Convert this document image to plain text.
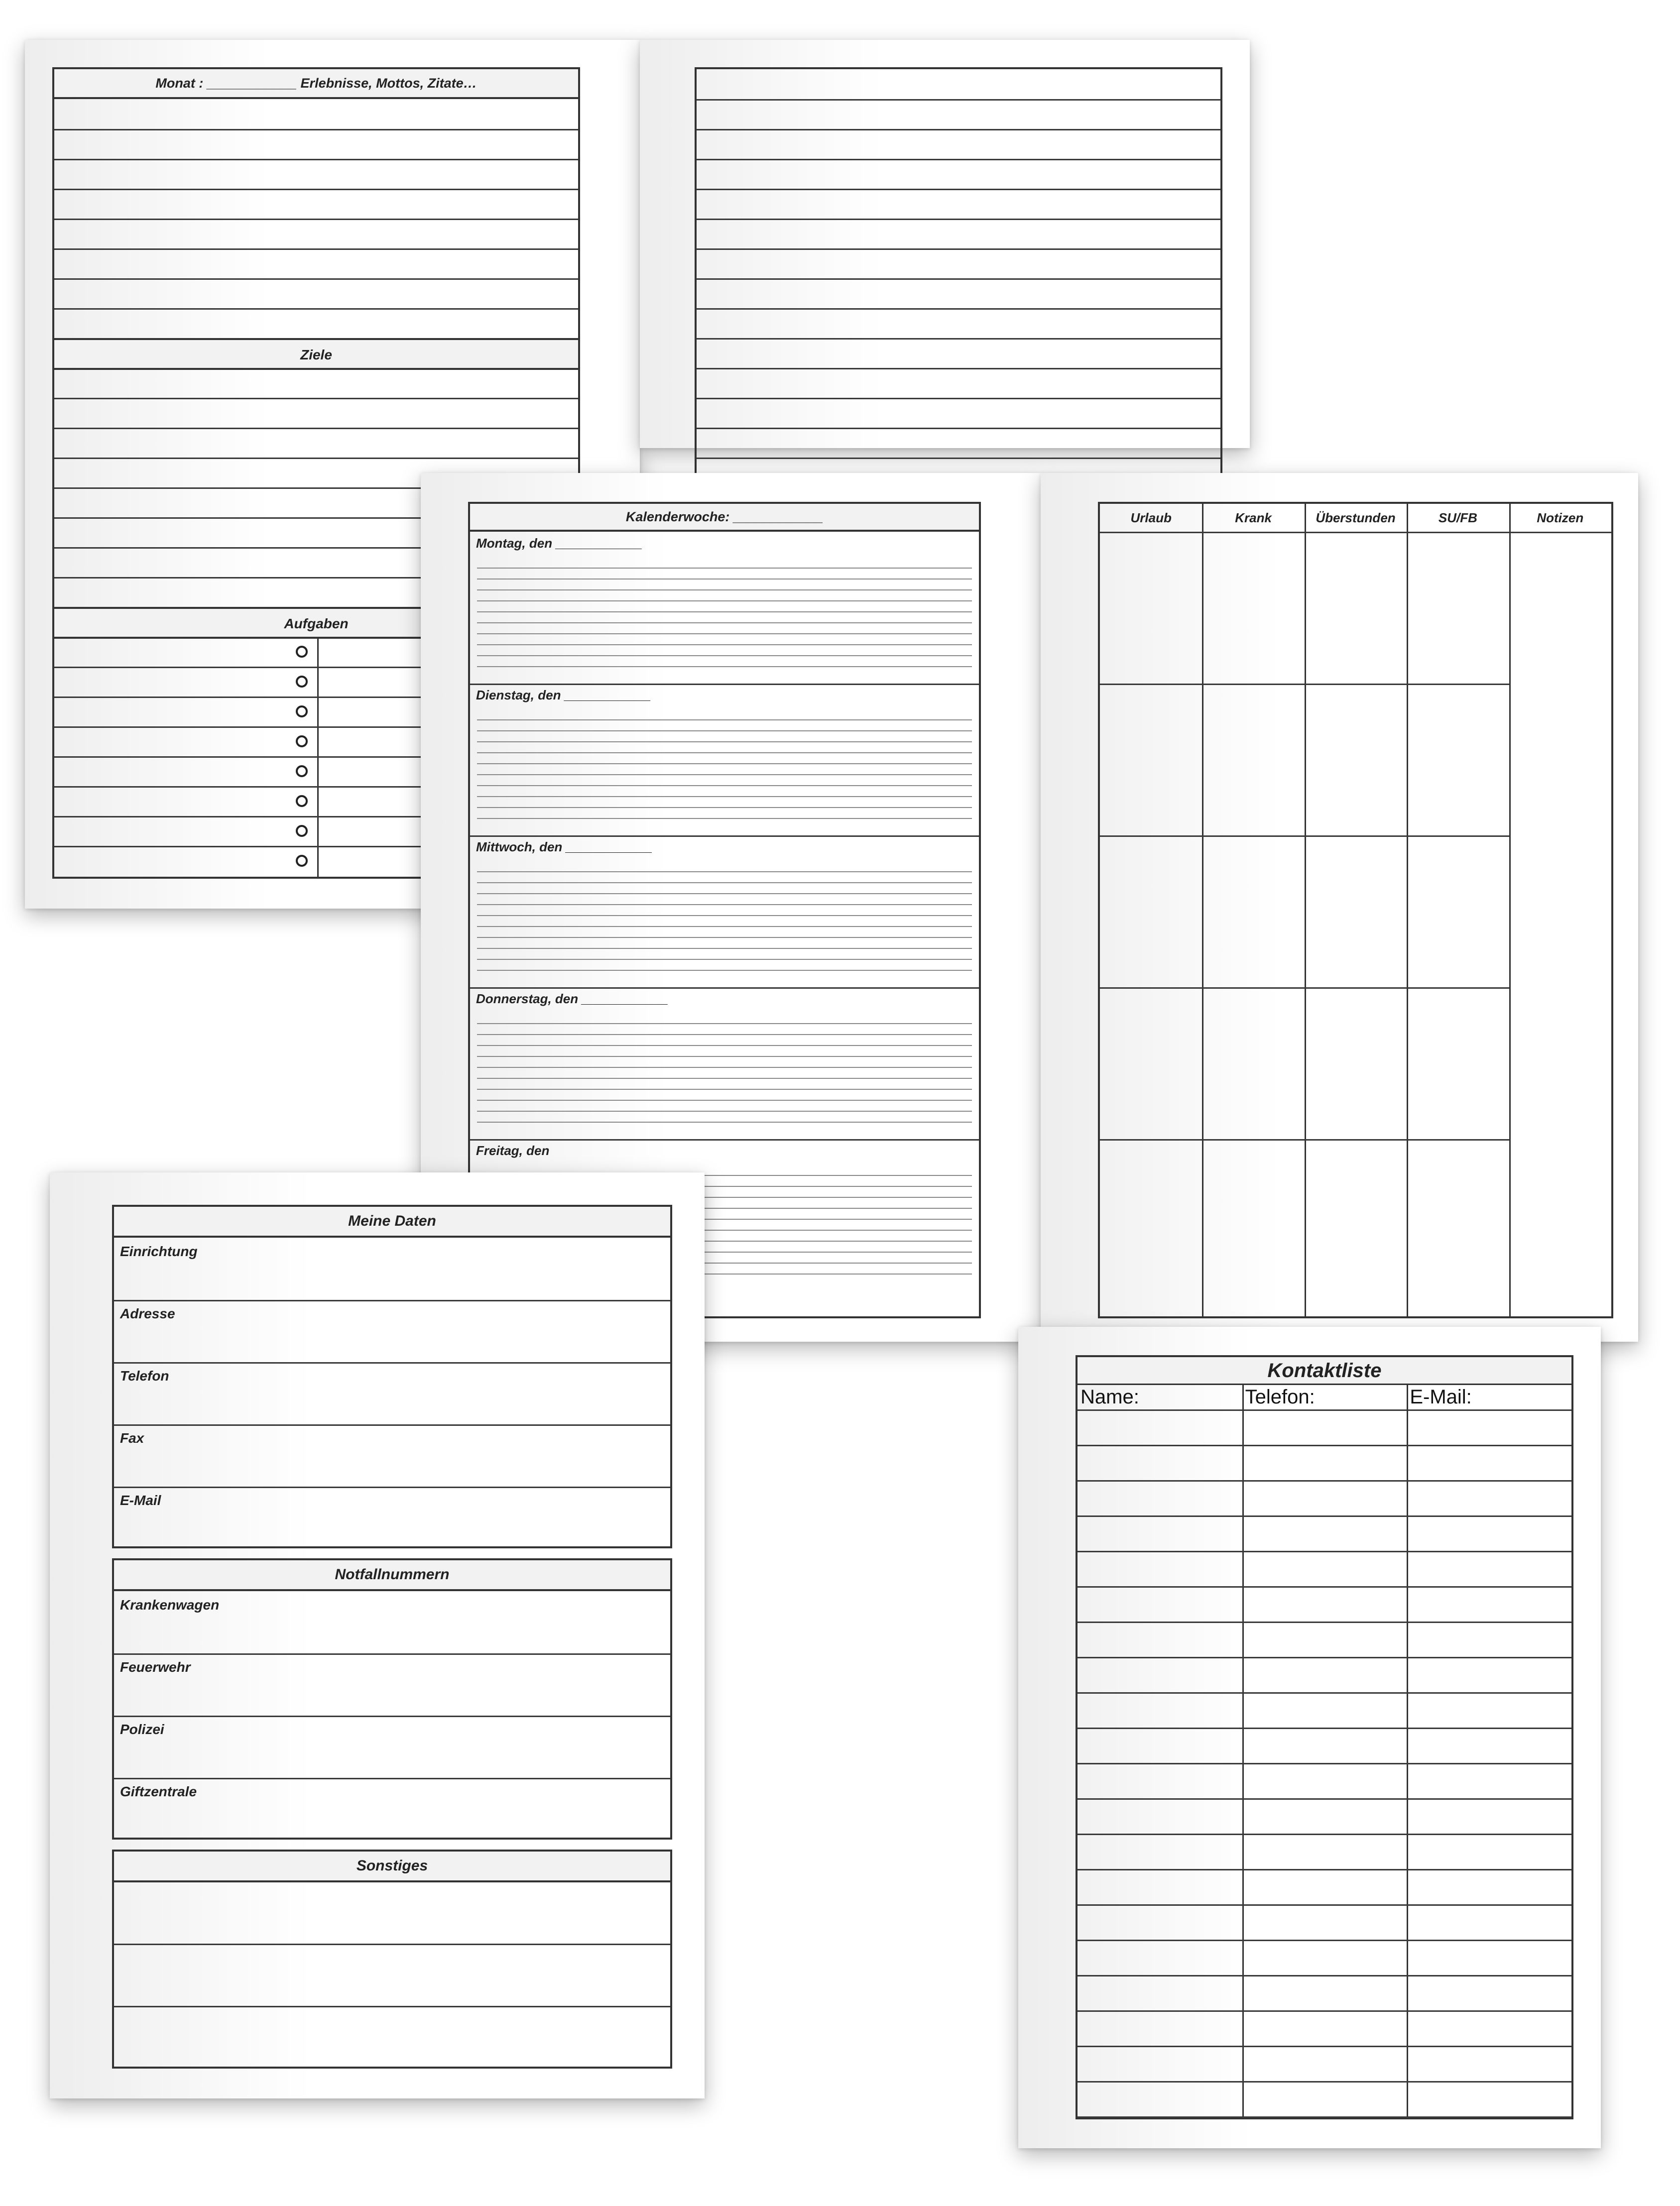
Monat : ____________ Erlebnisse, Mottos, Zitate…
Ziele
Aufgaben
Kalenderwoche: ____________
Montag, den ____________
Dienstag, den ____________
Mittwoch, den ____________
Donnerstag, den ____________
Freitag, den
Urlaub	Krank	Überstunden	SU/FB	Notizen
Meine Daten
Einrichtung
Adresse
Telefon
Fax
E-Mail
Notfallnummern
Krankenwagen
Feuerwehr
Polizei
Giftzentrale
Sonstiges
Kontaktliste
Name:	Telefon:	E-Mail:
